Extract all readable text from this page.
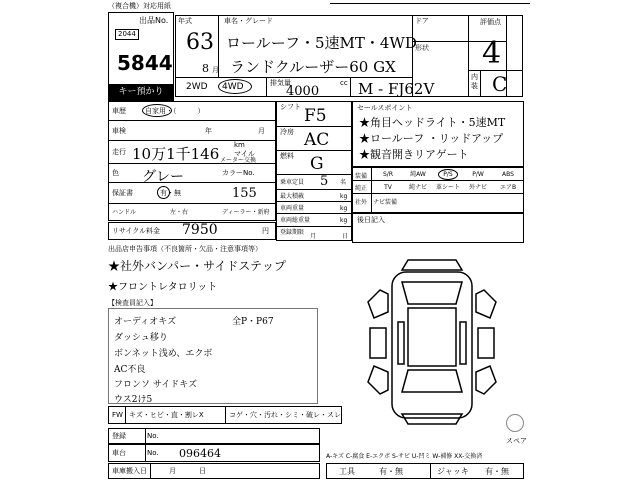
（複合機）対応用紙
出品No.
2044
5844
キー預かり
年式
63
8 月
車名・グレード
ロールーフ・5速MT・4WD
ランドクルーザー60 GX
ドア
形状
2WD 4WD	排気量
4000
cc M - FJ62V
評価点
4
内装 C
車歴	自家用・（　　　）
車検	年	月
走行 10万1千146 km
マイル
メーター交換
色 グレー	カラーNo.
保証書	有・無	155
ハンドル	左・右	ディーラー・新府
リサイクル料金 7950	円
シフト F5
冷房 AC
燃料 G
乗車定員 5 名
最大積載	kg
車両重量	kg
車両総重量	kg
登録期限
月	日
セールスポイント
★角目ヘッドライト・5速MT
★ロールーフ ・リッドアップ
★観音開きリアゲート
装備
純正
社外
S/R	純AW	P/S	P/W	ABS
TV	純ナビ	革シート	外ナビ	エアB
ナビ装備
後日記入
出品店申告事項（不良箇所・欠品・注意事項等）
★社外バンパー・サイドステップ
★フロントレタロリット
【検査員記入】
オーディオキズ
ダッシュ移り
ボンネット浅め、エクボ
AC不良
フロンソ サイドキズ
ウス2け5
全P・P67
スペア
FW キズ・ヒビ・直・割レX	コゲ・穴・汚れ・シミ・破レ・スレ
登録	No.
車台	No. 096464
車庫搬入日	月	日
A-キズ C-腐食 E-エクボ S-サビ U-凹ミ W-補修 XX-交換済
工具	有・無	ジャッキ 有・無
